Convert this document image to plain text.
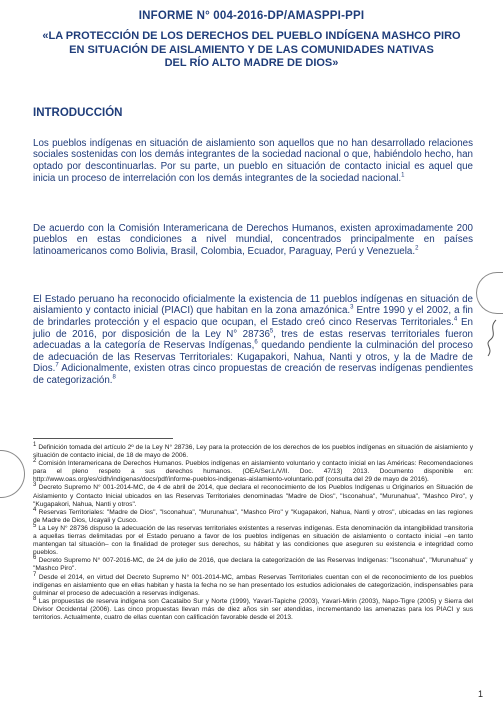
INFORME N° 004-2016-DP/AMASPPI-PPI
«LA PROTECCIÓN DE LOS DERECHOS DEL PUEBLO INDÍGENA MASHCO PIRO
EN SITUACIÓN DE AISLAMIENTO Y DE LAS COMUNIDADES NATIVAS
DEL RÍO ALTO MADRE DE DIOS»
INTRODUCCIÓN

Los pueblos indígenas en situación de aislamiento son aquellos que no han desarrollado relaciones sociales sostenidas con los demás integrantes de la sociedad nacional o que, habiéndolo hecho, han optado por descontinuarlas. Por su parte, un pueblo en situación de contacto inicial es aquel que inicia un proceso de interrelación con los demás integrantes de la sociedad nacional.$^1$

De acuerdo con la Comisión Interamericana de Derechos Humanos, existen aproximadamente 200 pueblos en estas condiciones a nivel mundial, concentrados principalmente en países latinoamericanos como Bolivia, Brasil, Colombia, Ecuador, Paraguay, Perú y Venezuela.$^2$

El Estado peruano ha reconocido oficialmente la existencia de 11 pueblos indígenas en situación de aislamiento y contacto inicial (PIACI) que habitan en la zona amazónica.$^3$ Entre 1990 y el 2002, a fin de brindarles protección y el espacio que ocupan, el Estado creó cinco Reservas Territoriales.$^4$ En julio de 2016, por disposición de la Ley N° 28736$^5$, tres de estas reservas territoriales fueron adecuadas a la categoría de Reservas Indígenas,$^6$ quedando pendiente la culminación del proceso de adecuación de las Reservas Territoriales: Kugapakori, Nahua, Nanti y otros, y la de Madre de Dios.$^7$ Adicionalmente, existen otras cinco propuestas de creación de reservas indígenas pendientes de categorización.$^8$

$^1$ Definición tomada del artículo 2º de la Ley N° 28736, Ley para la protección de los derechos de los pueblos indígenas en situación de aislamiento y situación de contacto inicial, de 18 de mayo de 2006.

$^2$ Comisión Interamericana de Derechos Humanos. Pueblos indígenas en aislamiento voluntario y contacto inicial en las Américas: Recomendaciones para el pleno respeto a sus derechos humanos. (OEA/Ser.L/V/II. Doc. 47/13) 2013. Documento disponible en: http://www.oas.org/es/cidh/indigenas/docs/pdf/informe-pueblos-indigenas-aislamiento-voluntario.pdf (consulta del 29 de mayo de 2016).

$^3$ Decreto Supremo N° 001-2014-MC, de 4 de abril de 2014, que declara el reconocimiento de los Pueblos Indígenas u Originarios en Situación de Aislamiento y Contacto Inicial ubicados en las Reservas Territoriales denominadas "Madre de Dios", "Isconahua", "Murunahua", "Mashco Piro", y "Kugapakori, Nahua, Nanti y otros".

$^4$ Reservas Territoriales: "Madre de Dios", "Isconahua", "Murunahua", "Mashco Piro" y "Kugapakori, Nahua, Nanti y otros", ubicadas en las regiones de Madre de Dios, Ucayali y Cusco.

$^5$ La Ley N° 28736 dispuso la adecuación de las reservas territoriales existentes a reservas indígenas. Esta denominación da intangibilidad transitoria a aquellas tierras delimitadas por el Estado peruano a favor de los pueblos indígenas en situación de aislamiento o contacto inicial –en tanto mantengan tal situación– con la finalidad de proteger sus derechos, su hábitat y las condiciones que aseguren su existencia e integridad como pueblos.

$^6$ Decreto Supremo N° 007-2016-MC, de 24 de julio de 2016, que declara la categorización de las Reservas Indígenas: "Isconahua", "Murunahua" y "Mashco Piro".

$^7$ Desde el 2014, en virtud del Decreto Supremo N° 001-2014-MC, ambas Reservas Territoriales cuentan con el de reconocimiento de los pueblos indígenas en aislamiento que en ellas habitan y hasta la fecha no se han presentado los estudios adicionales de categorización, indispensables para culminar el proceso de adecuación a reservas indígenas.

$^8$ Las propuestas de reserva indígena son Cacataibo Sur y Norte (1999), Yavarí-Tapiche (2003), Yavarí-Mirin (2003), Napo-Tigre (2005) y Sierra del Divisor Occidental (2006). Las cinco propuestas llevan más de diez años sin ser atendidas, incrementando las amenazas para los PIACI y sus territorios. Actualmente, cuatro de ellas cuentan con calificación favorable desde el 2013.

1
